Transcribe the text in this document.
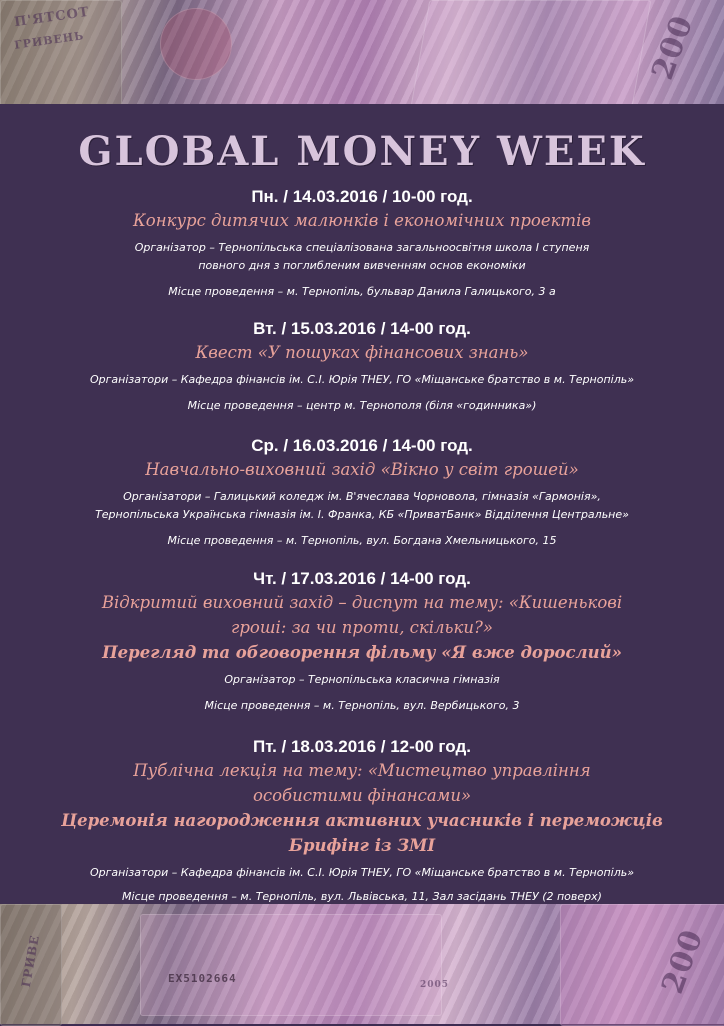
П'ЯТСОТ
ГРИВЕНЬ	200
GLOBAL MONEY WEEK

Пн. / 14.03.2016 / 10-00 год.

Конкурс дитячих малюнків і економічних проектів

Організатор – Тернопільська спеціалізована загальноосвітня школа І ступеня

повного дня з поглибленим вивченням основ економіки

Місце проведення – м. Тернопіль, бульвар Данила Галицького, 3 а

Вт. / 15.03.2016 / 14-00 год.

Квест «У пошуках фінансових знань»

Організатори – Кафедра фінансів ім. С.І. Юрія ТНЕУ, ГО «Міщанське братство в м. Тернопіль»

Місце проведення – центр м. Тернополя (біля «годинника»)

Ср. / 16.03.2016 / 14-00 год.

Навчально-виховний захід «Вікно у світ грошей»

Організатори – Галицький коледж ім. В'ячеслава Чорновола, гімназія «Гармонія»,

Тернопільська Українська гімназія ім. І. Франка, КБ «ПриватБанк» Відділення Центральне»

Місце проведення – м. Тернопіль, вул. Богдана Хмельницького, 15

Чт. / 17.03.2016 / 14-00 год.

Відкритий виховний захід – диспут на тему: «Кишенькові

гроші: за чи проти, скільки?»

Перегляд та обговорення фільму «Я вже дорослий»

Організатор – Тернопільська класична гімназія

Місце проведення – м. Тернопіль, вул. Вербицького, 3

Пт. / 18.03.2016 / 12-00 год.

Публічна лекція на тему: «Мистецтво управління

особистими фінансами»

Церемонія нагородження активних учасників і переможців

Брифінг із ЗМІ

Організатори – Кафедра фінансів ім. С.І. Юрія ТНЕУ, ГО «Міщанське братство в м. Тернопіль»

Місце проведення – м. Тернопіль, вул. Львівська, 11, Зал засідань ТНЕУ (2 поверх)

ГРИВЕ	EX5102664	2005	200
